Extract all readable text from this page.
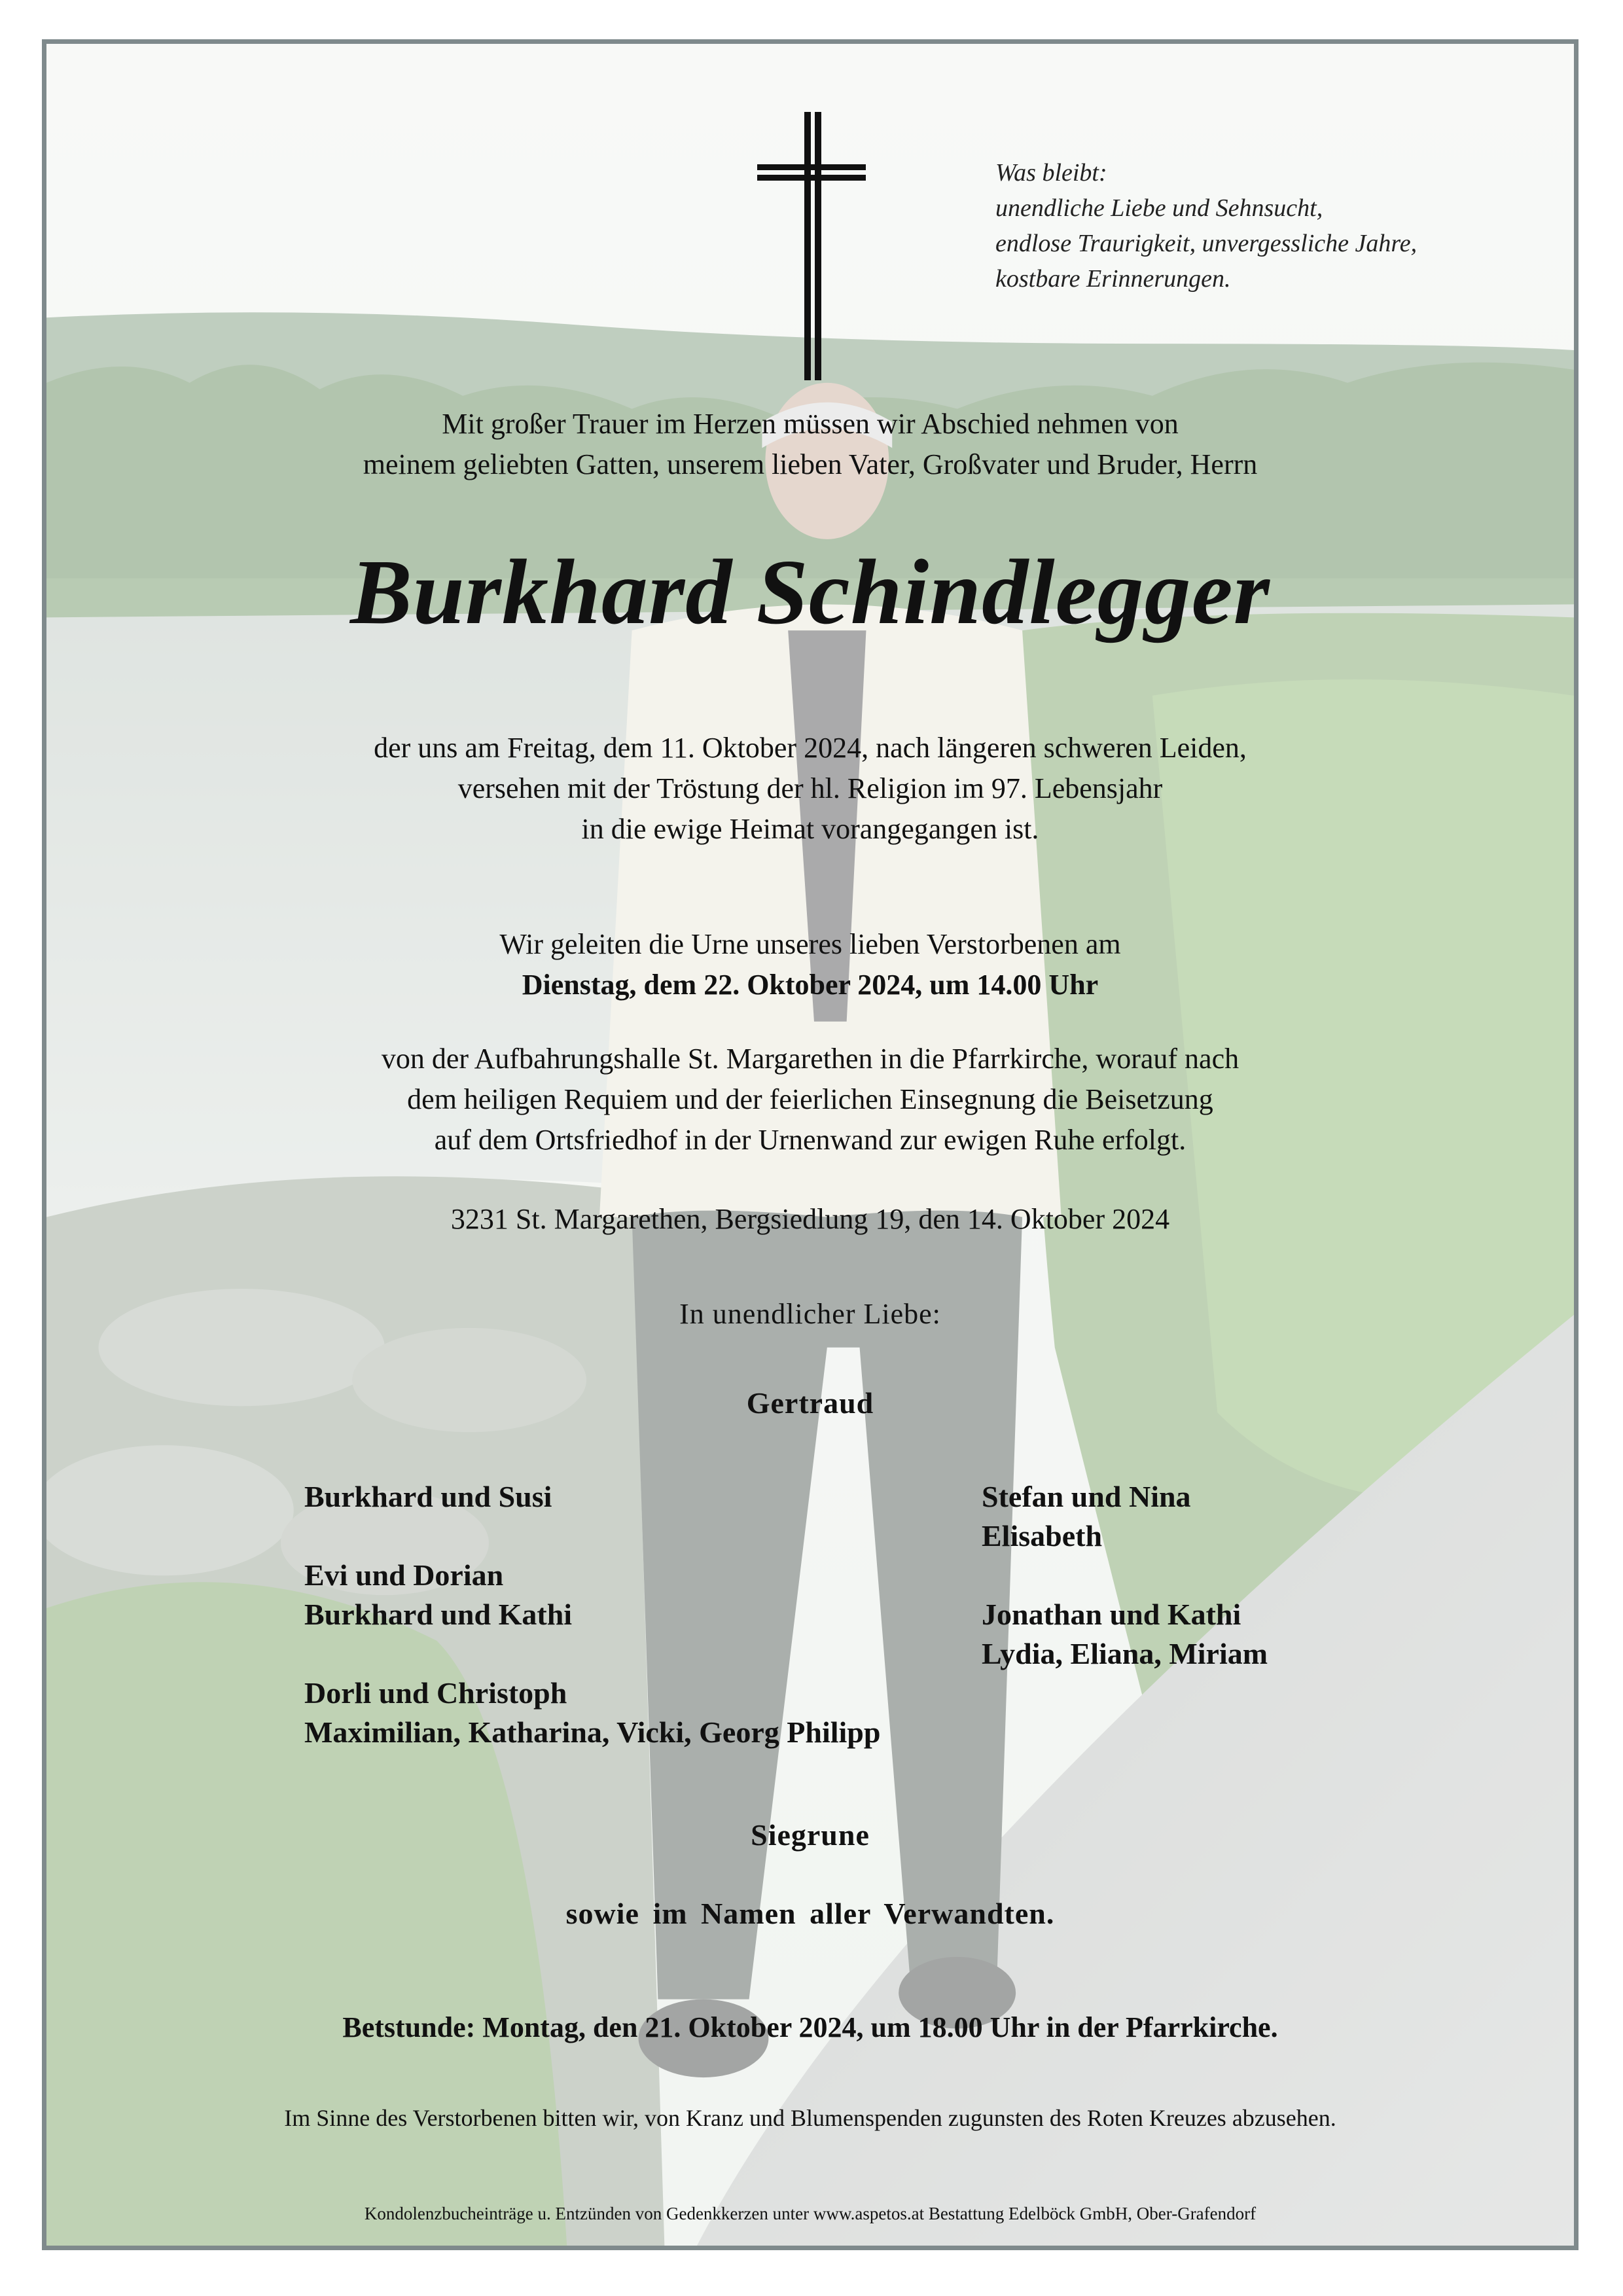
Was bleibt:
unendliche Liebe und Sehnsucht,
endlose Traurigkeit, unvergessliche Jahre,
kostbare Erinnerungen.
Mit großer Trauer im Herzen müssen wir Abschied nehmen von
meinem geliebten Gatten, unserem lieben Vater, Großvater und Bruder, Herrn
Burkhard Schindlegger
der uns am Freitag, dem 11. Oktober 2024, nach längeren schweren Leiden,
versehen mit der Tröstung der hl. Religion im 97. Lebensjahr
in die ewige Heimat vorangegangen ist.
Wir geleiten die Urne unseres lieben Verstorbenen am
Dienstag, dem 22. Oktober 2024, um 14.00 Uhr
von der Aufbahrungshalle St. Margarethen in die Pfarrkirche, worauf nach
dem heiligen Requiem und der feierlichen Einsegnung die Beisetzung
auf dem Ortsfriedhof in der Urnenwand zur ewigen Ruhe erfolgt.
3231 St. Margarethen, Bergsiedlung 19, den 14. Oktober 2024
In unendlicher Liebe:
Gertraud
Burkhard und Susi
Evi und Dorian
Burkhard und Kathi
Dorli und Christoph
Maximilian, Katharina, Vicki, Georg Philipp
Stefan und Nina
Elisabeth
Jonathan und Kathi
Lydia, Eliana, Miriam
Siegrune
sowie im Namen aller Verwandten.
Betstunde: Montag, den 21. Oktober 2024, um 18.00 Uhr in der Pfarrkirche.
Im Sinne des Verstorbenen bitten wir, von Kranz und Blumenspenden zugunsten des Roten Kreuzes abzusehen.
Kondolenzbucheinträge u. Entzünden von Gedenkkerzen unter www.aspetos.at Bestattung Edelböck GmbH, Ober-Grafendorf
